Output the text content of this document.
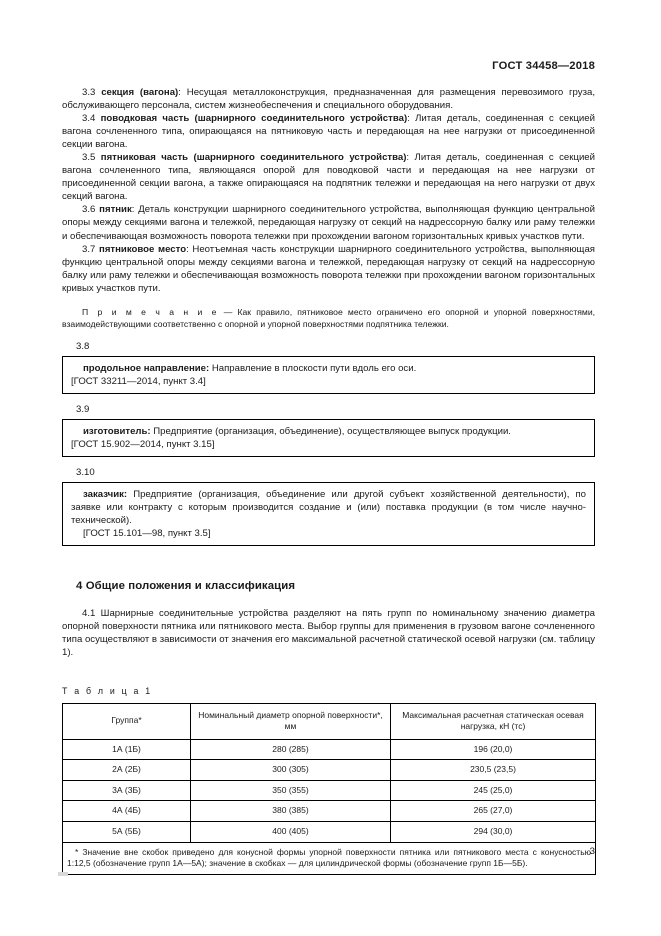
ГОСТ 34458—2018

3.3 секция (вагона): Несущая металлоконструкция, предназначенная для размещения перевозимого груза, обслуживающего персонала, систем жизнеобеспечения и специального оборудования.

3.4 поводковая часть (шарнирного соединительного устройства): Литая деталь, соединенная с секцией вагона сочлененного типа, опирающаяся на пятниковую часть и передающая на нее нагрузки от присоединенной секции вагона.

3.5 пятниковая часть (шарнирного соединительного устройства): Литая деталь, соединенная с секцией вагона сочлененного типа, являющаяся опорой для поводковой части и передающая на нее нагрузки от присоединенной секции вагона, а также опирающаяся на подпятник тележки и передающая на него нагрузки от двух секций вагона.

3.6 пятник: Деталь конструкции шарнирного соединительного устройства, выполняющая функцию центральной опоры между секциями вагона и тележкой, передающая нагрузку от секций на надрессорную балку или раму тележки и обеспечивающая возможность поворота тележки при прохождении вагоном горизонтальных кривых участков пути.

3.7 пятниковое место: Неотъемная часть конструкции шарнирного соединительного устройства, выполняющая функцию центральной опоры между секциями вагона и тележкой, передающая нагрузку от секций на надрессорную балку или раму тележки и обеспечивающая возможность поворота тележки при прохождении вагоном горизонтальных кривых участков пути.

П р и м е ч а н и е — Как правило, пятниковое место ограничено его опорной и упорной поверхностями, взаимодействующими соответственно с опорной и упорной поверхностями подпятника тележки.

3.8

продольное направление: Направление в плоскости пути вдоль его оси.

[ГОСТ 33211—2014, пункт 3.4]

3.9

изготовитель: Предприятие (организация, объединение), осуществляющее выпуск продукции.

[ГОСТ 15.902—2014, пункт 3.15]

3.10

заказчик: Предприятие (организация, объединение или другой субъект хозяйственной деятельности), по заявке или контракту с которым производится создание и (или) поставка продукции (в том числе научно-технической).

[ГОСТ 15.101—98, пункт 3.5]

4 Общие положения и классификация

4.1 Шарнирные соединительные устройства разделяют на пять групп по номинальному значению диаметра опорной поверхности пятника или пятникового места. Выбор группы для применения в грузовом вагоне сочлененного типа осуществляют в зависимости от значения его максимальной расчетной статической осевой нагрузки (см. таблицу 1).

Т а б л и ц а 1

Группа*	Номинальный диаметр опорной поверхности*, мм	Максимальная расчетная статическая осевая нагрузка, кН (тс)
1А (1Б)	280 (285)	196 (20,0)
2А (2Б)	300 (305)	230,5 (23,5)
3А (3Б)	350 (355)	245 (25,0)
4А (4Б)	380 (385)	265 (27,0)
5А (5Б)	400 (405)	294 (30,0)

* Значение вне скобок приведено для конусной формы упорной поверхности пятника или пятникового места с конусностью 1:12,5 (обозначение групп 1А—5А); значение в скобках — для цилиндрической формы (обозначение групп 1Б—5Б).		

3
